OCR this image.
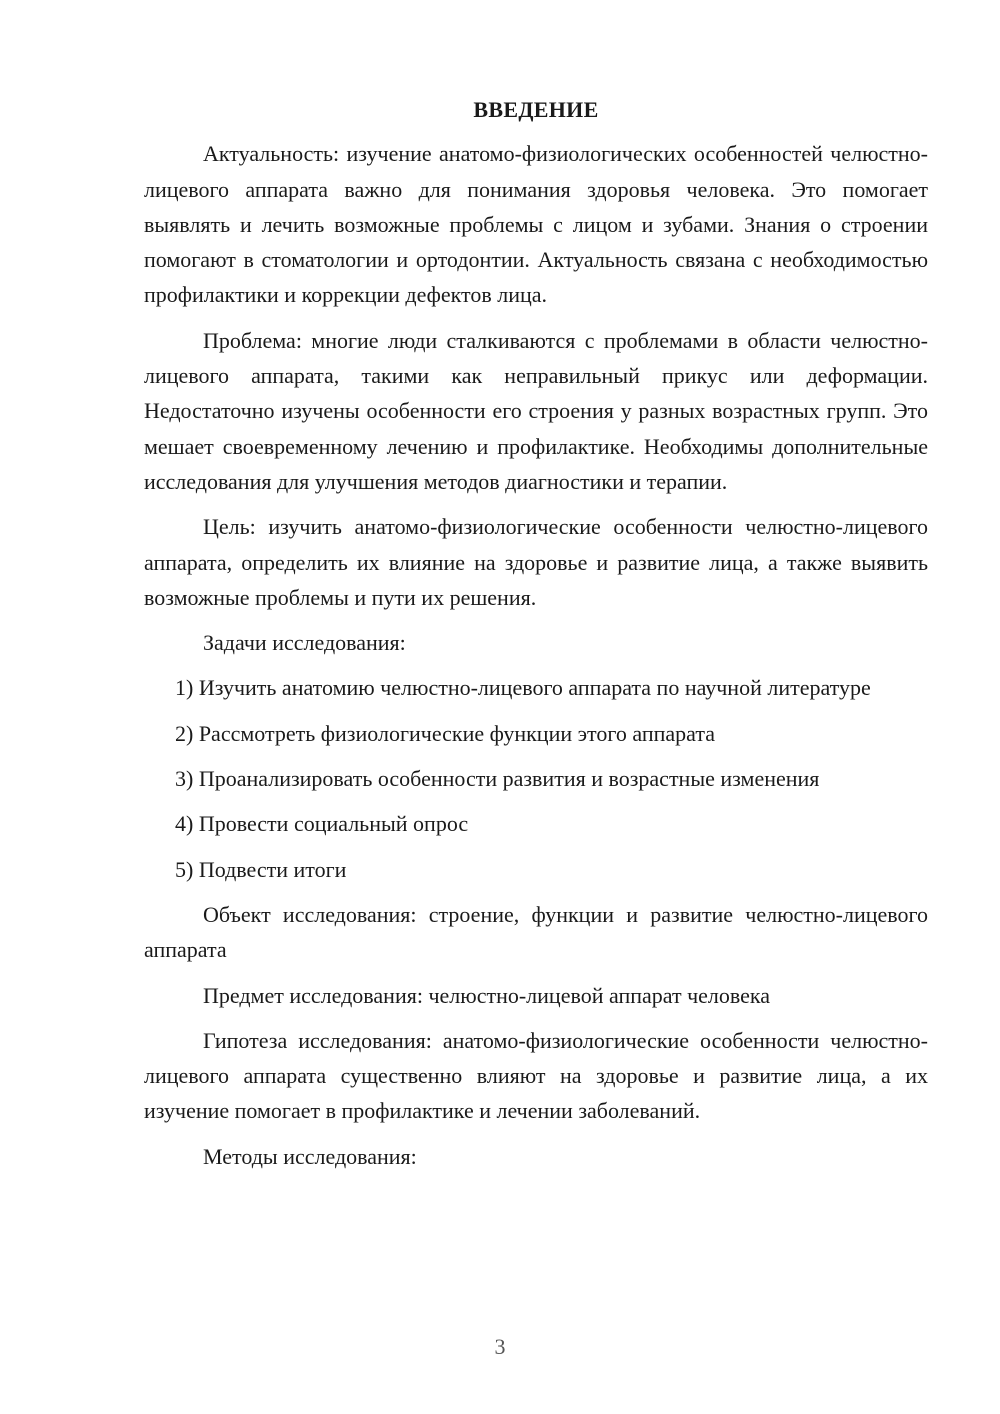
ВВЕДЕНИЕ

Актуальность: изучение анатомо-физиологических особенностей челюстно-лицевого аппарата важно для понимания здоровья человека. Это помогает выявлять и лечить возможные проблемы с лицом и зубами. Знания о строении помогают в стоматологии и ортодонтии. Актуальность связана с необходимостью профилактики и коррекции дефектов лица.

Проблема: многие люди сталкиваются с проблемами в области челюстно-лицевого аппарата, такими как неправильный прикус или деформации. Недостаточно изучены особенности его строения у разных возрастных групп. Это мешает своевременному лечению и профилактике. Необходимы дополнительные исследования для улучшения методов диагностики и терапии.

Цель: изучить анатомо-физиологические особенности челюстно-лицевого аппарата, определить их влияние на здоровье и развитие лица, а также выявить возможные проблемы и пути их решения.

Задачи исследования:

1) Изучить анатомию челюстно-лицевого аппарата по научной литературе

2) Рассмотреть физиологические функции этого аппарата

3) Проанализировать особенности развития и возрастные изменения

4) Провести социальный опрос

5) Подвести итоги

Объект исследования: строение, функции и развитие челюстно-лицевого аппарата

Предмет исследования: челюстно-лицевой аппарат человека

Гипотеза исследования: анатомо-физиологические особенности челюстно-лицевого аппарата существенно влияют на здоровье и развитие лица, а их изучение помогает в профилактике и лечении заболеваний.

Методы исследования:

3
